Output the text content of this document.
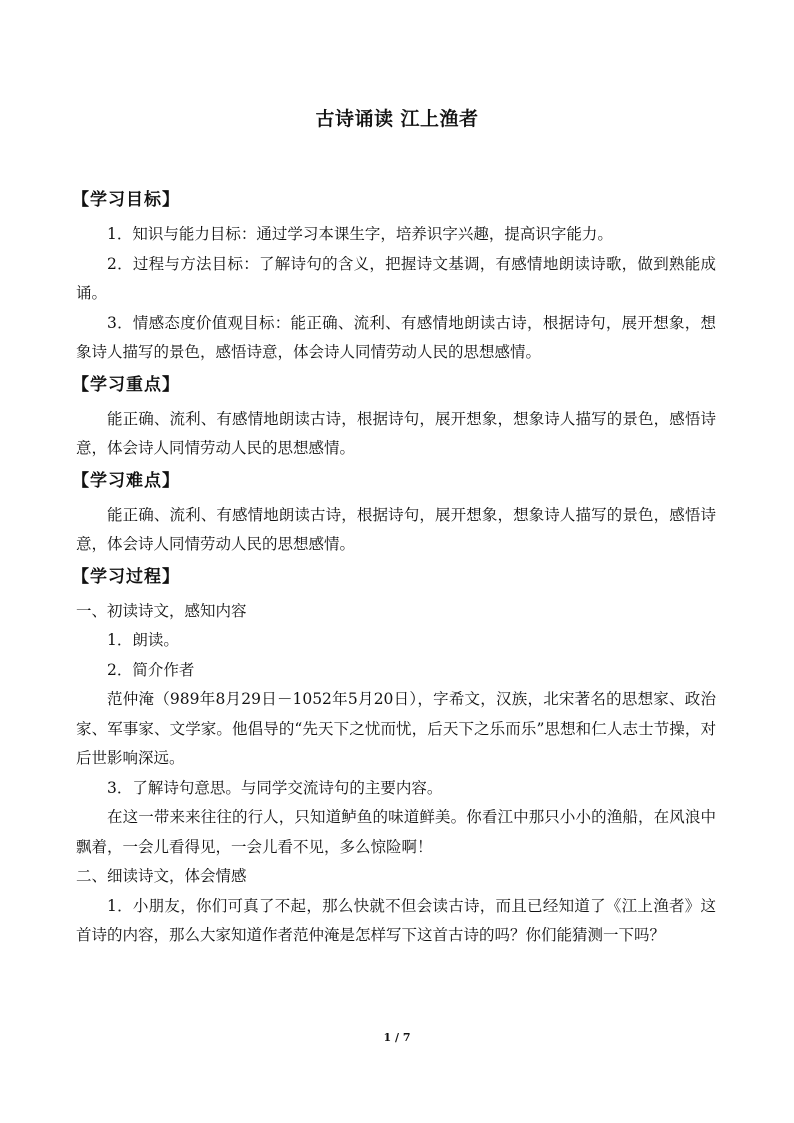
古诗诵读 江上渔者
【学习目标】
1．知识与能力目标：通过学习本课生字，培养识字兴趣，提高识字能力。
2．过程与方法目标：了解诗句的含义，把握诗文基调，有感情地朗读诗歌，做到熟能成诵。
3．情感态度价值观目标：能正确、流利、有感情地朗读古诗，根据诗句，展开想象，想象诗人描写的景色，感悟诗意，体会诗人同情劳动人民的思想感情。
【学习重点】
能正确、流利、有感情地朗读古诗，根据诗句，展开想象，想象诗人描写的景色，感悟诗意，体会诗人同情劳动人民的思想感情。
【学习难点】
能正确、流利、有感情地朗读古诗，根据诗句，展开想象，想象诗人描写的景色，感悟诗意，体会诗人同情劳动人民的思想感情。
【学习过程】
一、初读诗文，感知内容
1．朗读。
2．简介作者
范仲淹（989年8月29日－1052年5月20日），字希文，汉族，北宋著名的思想家、政治家、军事家、文学家。他倡导的“先天下之忧而忧，后天下之乐而乐”思想和仁人志士节操，对后世影响深远。
3．了解诗句意思。与同学交流诗句的主要内容。
在这一带来来往往的行人，只知道鲈鱼的味道鲜美。你看江中那只小小的渔船，在风浪中飘着，一会儿看得见，一会儿看不见，多么惊险啊！
二、细读诗文，体会情感
1．小朋友，你们可真了不起，那么快就不但会读古诗，而且已经知道了《江上渔者》这首诗的内容，那么大家知道作者范仲淹是怎样写下这首古诗的吗？你们能猜测一下吗？
1 / 7
